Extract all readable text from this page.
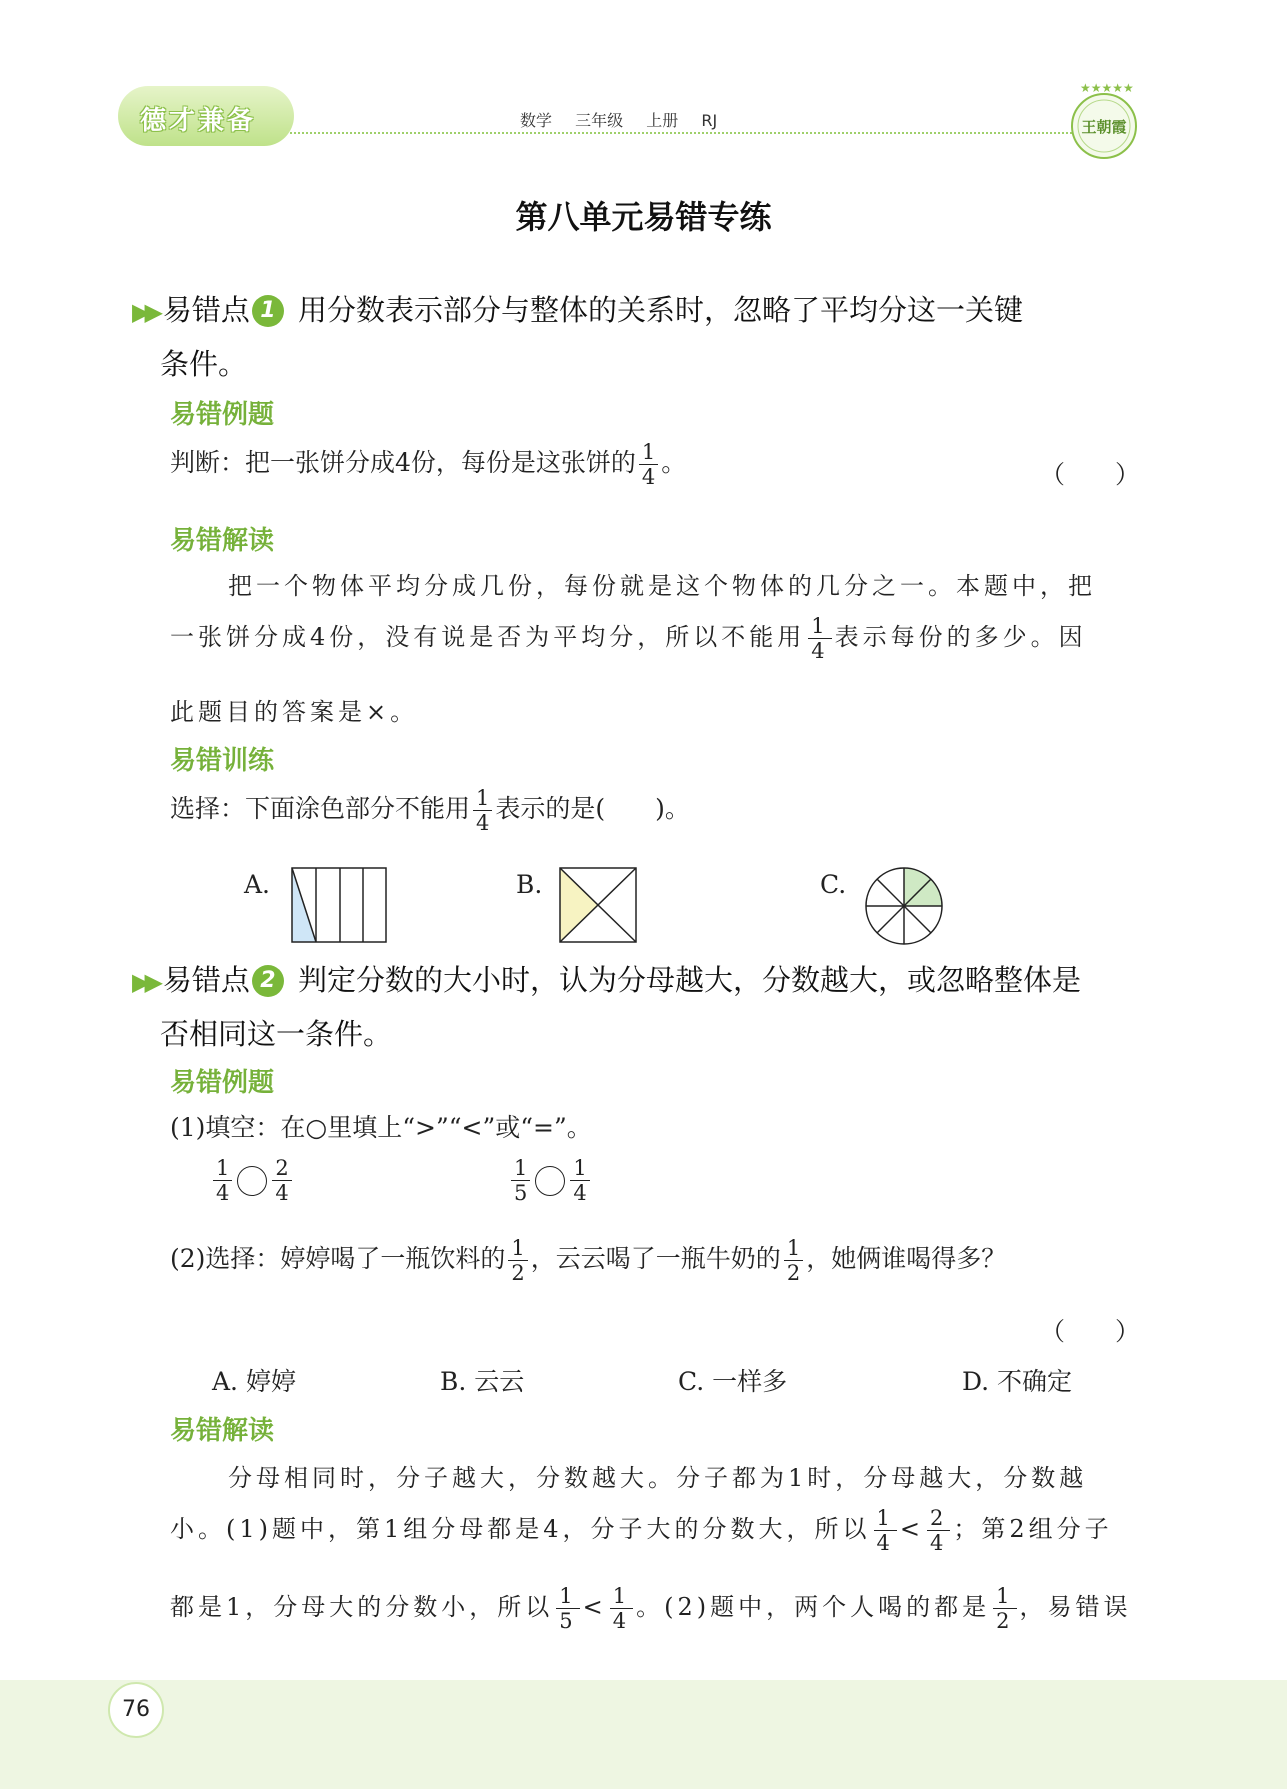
德才兼备	数学 三年级 上册 RJ
★★★★★
王朝霞
第八单元易错专练
▶▶ 易错点 1 用分数表示部分与整体的关系时，忽略了平均分这一关键
条件。
易错例题
判断：把一张饼分成4份，每份是这张饼的 $\frac{1}{4}$ 。	（　　）
易错解读
把一个物体平均分成几份，每份就是这个物体的几分之一。本题中，把
一张饼分成4份，没有说是否为平均分，所以不能用 $\frac{1}{4}$ 表示每份的多少。因
此题目的答案是×。
易错训练
选择：下面涂色部分不能用 $\frac{1}{4}$ 表示的是(　　)。
A.	B.	C.
▶▶ 易错点 2 判定分数的大小时，认为分母越大，分数越大，或忽略整体是
否相同这一条件。
易错例题
(1)填空：在○里填上“>”“<”或“=”。
$\frac{1}{4} \frac{2}{4}$	$\frac{1}{5} \frac{1}{4}$
(2)选择：婷婷喝了一瓶饮料的 $\frac{1}{2}$ ，云云喝了一瓶牛奶的 $\frac{1}{2}$ ，她俩谁喝得多？
（　　）
A. 婷婷	B. 云云	C. 一样多	D. 不确定
易错解读
分母相同时，分子越大，分数越大。分子都为1时，分母越大，分数越
小。(1)题中，第1组分母都是4，分子大的分数大，所以 $\frac{1}{4} < \frac{2}{4}$ ；第2组分子
都是1，分母大的分数小，所以 $\frac{1}{5} < \frac{1}{4}$ 。(2)题中，两个人喝的都是 $\frac{1}{2}$ ，易错误
76
